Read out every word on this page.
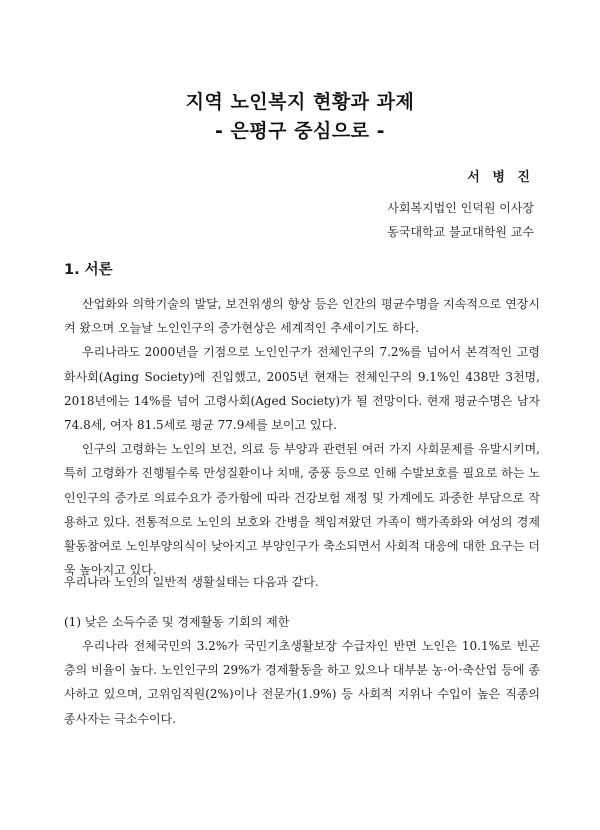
지역 노인복지 현황과 과제
- 은평구 중심으로 -
서 병 진
사회복지법인 인덕원 이사장
동국대학교 불교대학원 교수
1. 서론

산업화와 의학기술의 발달, 보건위생의 향상 등은 인간의 평균수명을 지속적으로 연장시켜 왔으며 오늘날 노인인구의 증가현상은 세계적인 추세이기도 하다.

우리나라도 2000년을 기점으로 노인인구가 전체인구의 7.2%를 넘어서 본격적인 고령화사회(Aging Society)에 진입했고, 2005년 현재는 전체인구의 9.1%인 438만 3천명, 2018년에는 14%를 넘어 고령사회(Aged Society)가 될 전망이다. 현재 평균수명은 남자 74.8세, 여자 81.5세로 평균 77.9세를 보이고 있다.

인구의 고령화는 노인의 보건, 의료 등 부양과 관련된 여러 가지 사회문제를 유발시키며, 특히 고령화가 진행될수록 만성질환이나 치매, 중풍 등으로 인해 수발보호를 필요로 하는 노인인구의 증가로 의료수요가 증가함에 따라 건강보험 재정 및 가계에도 과중한 부담으로 작용하고 있다. 전통적으로 노인의 보호와 간병을 책임져왔던 가족이 핵가족화와 여성의 경제활동참여로 노인부양의식이 낮아지고 부양인구가 축소되면서 사회적 대응에 대한 요구는 더욱 높아지고 있다.

우리나라 노인의 일반적 생활실태는 다음과 같다.

(1) 낮은 소득수준 및 경제활동 기회의 제한

우리나라 전체국민의 3.2%가 국민기초생활보장 수급자인 반면 노인은 10.1%로 빈곤층의 비율이 높다. 노인인구의 29%가 경제활동을 하고 있으나 대부분 농·어·축산업 등에 종사하고 있으며, 고위임직원(2%)이나 전문가(1.9%) 등 사회적 지위나 수입이 높은 직종의 종사자는 극소수이다.
